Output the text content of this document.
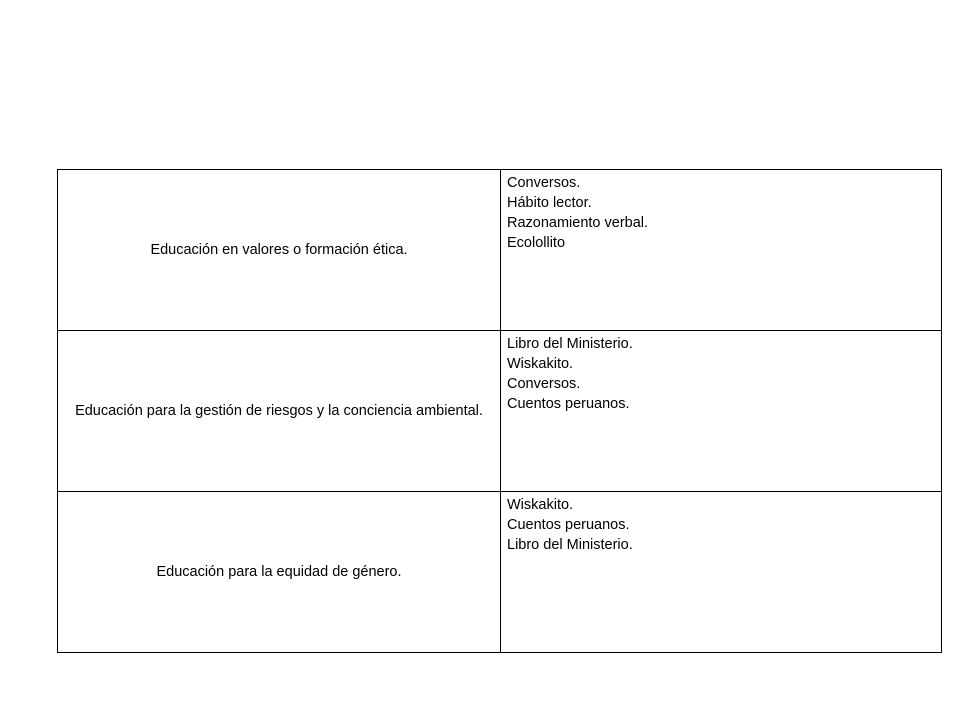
Educación en valores o formación ética.	Conversos.
Hábito lector.
Razonamiento verbal.
Ecolollito

Educación para la gestión de riesgos y la conciencia ambiental.	Libro del Ministerio.
Wiskakito.
Conversos.
Cuentos peruanos.

Educación para la equidad de género.	Wiskakito.
Cuentos peruanos.
Libro del Ministerio.
